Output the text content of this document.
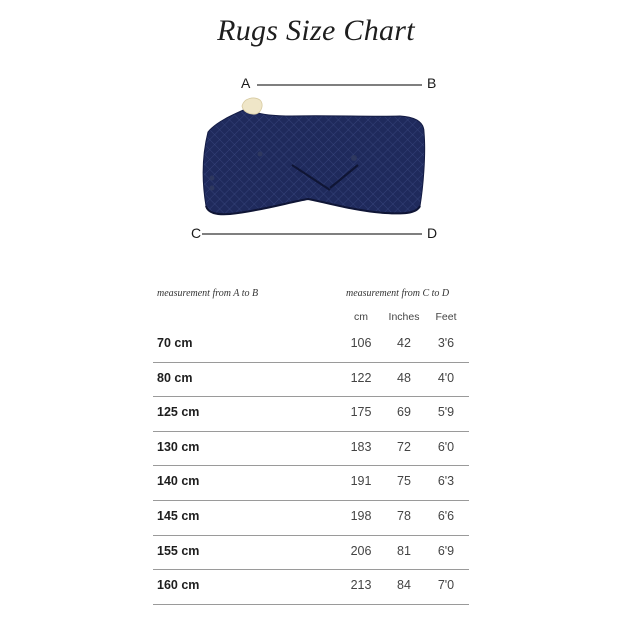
Rugs Size Chart
A	B
C	D
measurement from A to B	measurement from C to D
cm	Inches	Feet
70 cm	106	42	3'6
80 cm	122	48	4'0
125 cm	175	69	5'9
130 cm	183	72	6'0
140 cm	191	75	6'3
145 cm	198	78	6'6
155 cm	206	81	6'9
160 cm	213	84	7'0
